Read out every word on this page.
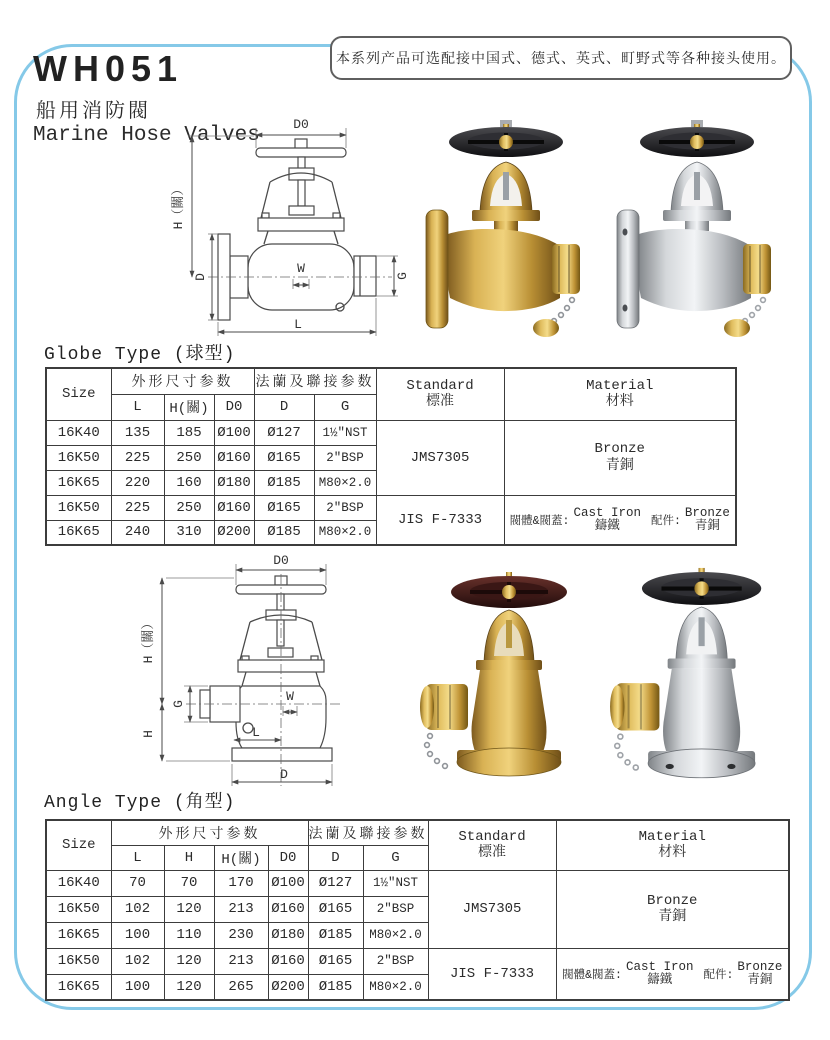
WH051
船用消防閥
Marine Hose Valves
本系列产品可选配接中国式、德式、英式、町野式等各种接头使用。
D0
W
H（關）
D	G
L
Globe Type (球型)
Size	外形尺寸参数	法蘭及聯接参数	Standard
標准

Material
材料

	L	H(關)	D0	D	G		
16K40	135	185	Ø100	Ø127	1½″NST	JMS7305	Bronze
青銅

16K50	225	250	Ø160	Ø165	2″BSP		
16K65	220	160	Ø180	Ø185	M80×2.0		
16K50	225	250	Ø160	Ø165	2″BSP	JIS F-7333	閥體&閥蓋:
Cast Iron
鑄鐵	配件:
Bronze
青銅

16K65	240	310	Ø200	Ø185	M80×2.0		
D0
W
H（關）
H
G
L
D
Angle Type (角型)
Size	外形尺寸参数	法蘭及聯接参数	Standard
標准

Material
材料

	L	H	H(關)	D0	D	G		
16K40	70	70	170	Ø100	Ø127	1½″NST	JMS7305	Bronze
青銅

16K50	102	120	213	Ø160	Ø165	2″BSP		
16K65	100	110	230	Ø180	Ø185	M80×2.0		
16K50	102	120	213	Ø160	Ø165	2″BSP	JIS F-7333	閥體&閥蓋:
Cast Iron
鑄鐵	配件:
Bronze
青銅

16K65	100	120	265	Ø200	Ø185	M80×2.0		
